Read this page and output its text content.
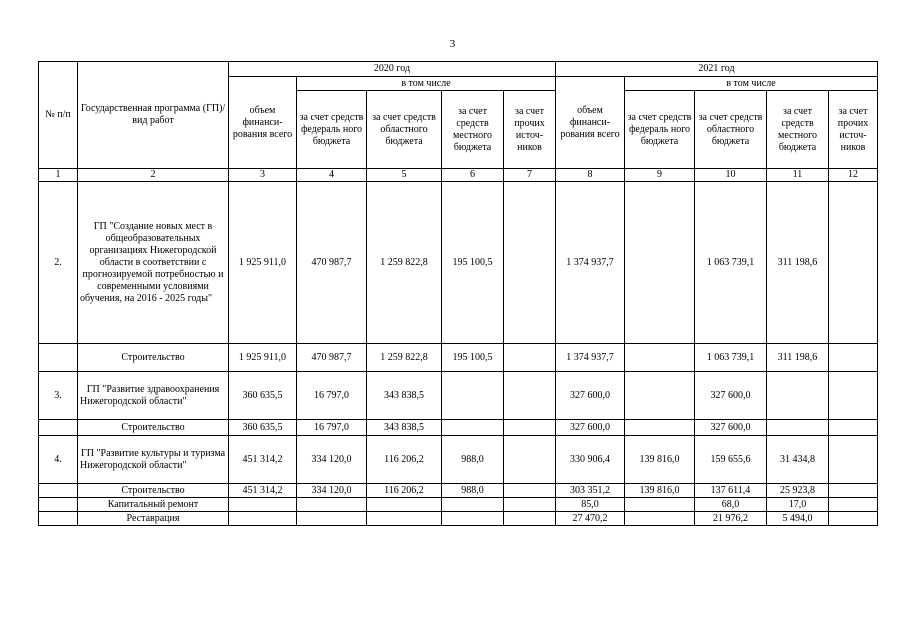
3
№ п/п	Государственная программа (ГП)/ вид работ	2020 год					2021 год				
		объем финанси-рования всего	в том числе				объем финанси-рования всего	в том числе			
			за счет средств федераль ного бюджета	за счет средств областного бюджета	за счет средств местного бюджета	за счет прочих источ-ников		за счет средств федераль ного бюджета	за счет средств областного бюджета	за счет средств местного бюджета	за счет прочих источ-ников
1	2	3	4	5	6	7	8	9	10	11	12
2.	ГП "Создание новых мест в общеобразовательных организациях Нижегородской области в соответствии с прогнозируемой потребностью и современными условиями обучения, на 2016 - 2025 годы"	1 925 911,0	470 987,7	1 259 822,8	195 100,5		1 374 937,7		1 063 739,1	311 198,6	
	Строительство	1 925 911,0	470 987,7	1 259 822,8	195 100,5		1 374 937,7		1 063 739,1	311 198,6	
3.	ГП "Развитие здравоохранения Нижегородской области"	360 635,5	16 797,0	343 838,5			327 600,0		327 600,0		
	Строительство	360 635,5	16 797,0	343 838,5			327 600,0		327 600,0		
4.	ГП "Развитие культуры и туризма Нижегородской области"	451 314,2	334 120,0	116 206,2	988,0		330 906,4	139 816,0	159 655,6	31 434,8	
	Строительство	451 314,2	334 120,0	116 206,2	988,0		303 351,2	139 816,0	137 611,4	25 923,8	
	Капитальный ремонт						85,0		68,0	17,0	
	Реставрация						27 470,2		21 976,2	5 494,0	
